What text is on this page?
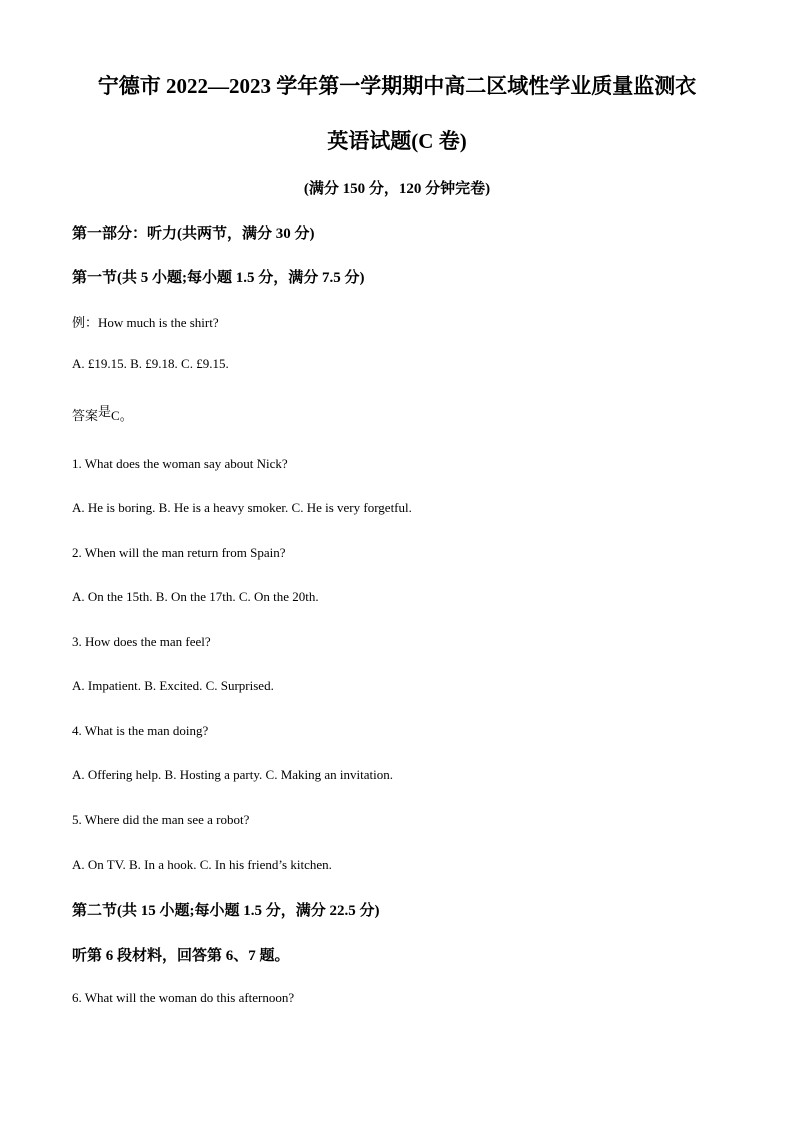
宁德市 2022—2023 学年第一学期期中高二区域性学业质量监测衣
英语试题(C 卷)
(满分 150 分，120 分钟完卷)
第一部分：听力(共两节，满分 30 分)
第一节(共 5 小题;每小题 1.5 分，满分 7.5 分)
例：How much is the shirt?
A. £19.15. B. £9.18. C. £9.15.
答案是C。
1. What does the woman say about Nick?
A. He is boring. B. He is a heavy smoker. C. He is very forgetful.
2. When will the man return from Spain?
A. On the 15th. B. On the 17th. C. On the 20th.
3. How does the man feel?
A. Impatient. B. Excited. C. Surprised.
4. What is the man doing?
A. Offering help. B. Hosting a party. C. Making an invitation.
5. Where did the man see a robot?
A. On TV. B. In a hook. C. In his friend’s kitchen.
第二节(共 15 小题;每小题 1.5 分，满分 22.5 分)
听第 6 段材料，回答第 6、7 题。
6. What will the woman do this afternoon?
